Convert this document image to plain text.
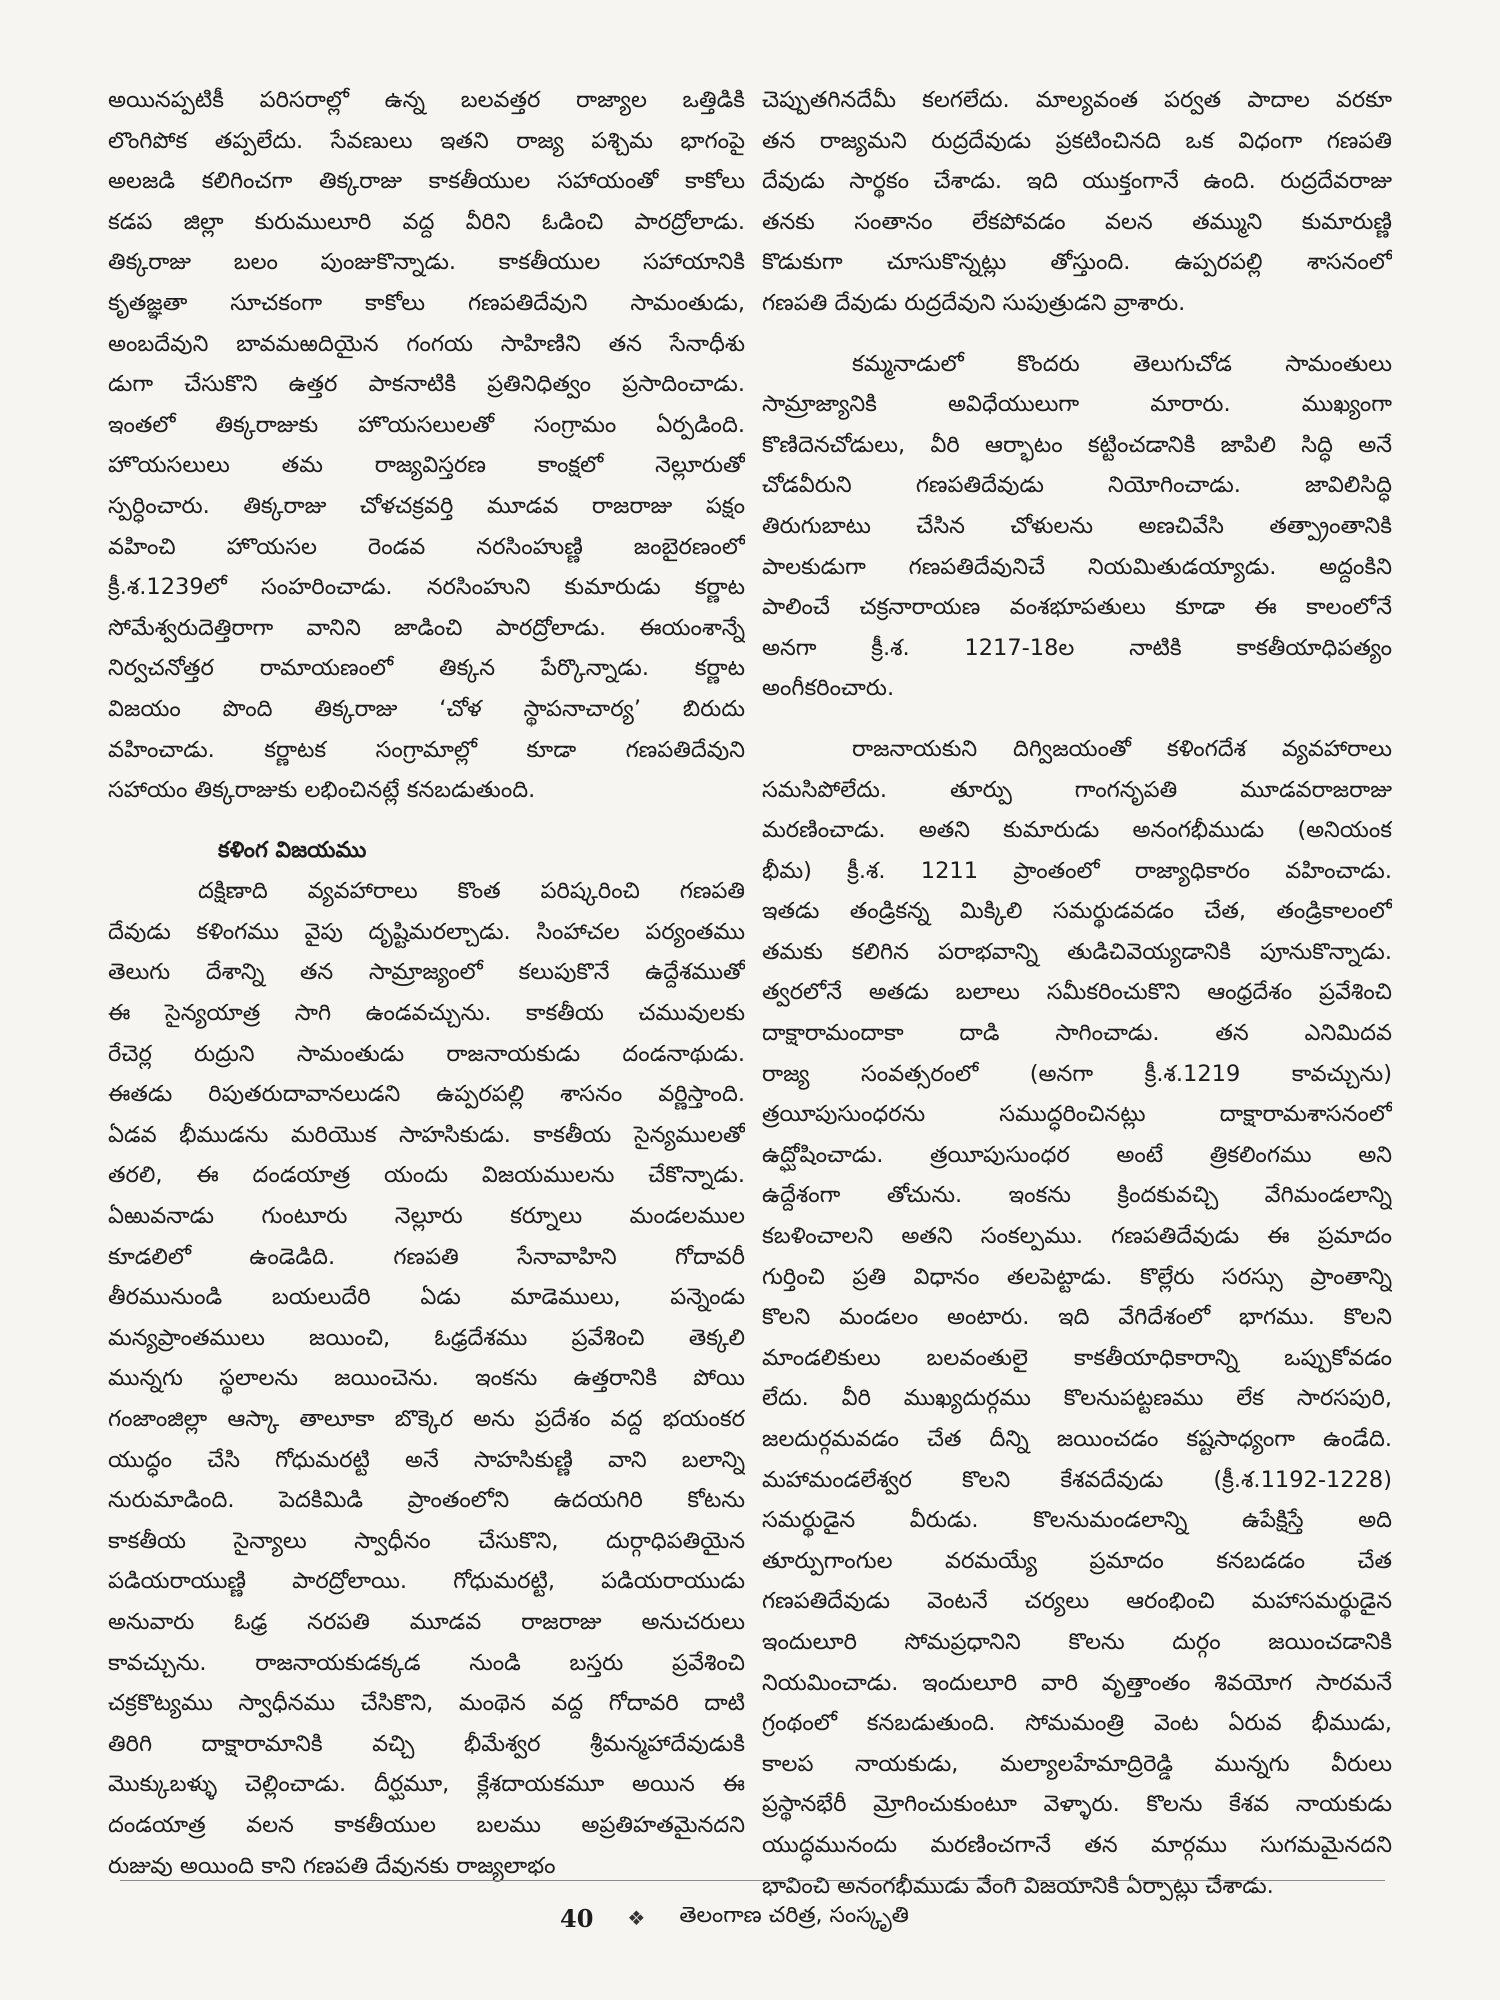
అయినప్పటికీ పరిసరాల్లో ఉన్న బలవత్తర రాజ్యాల ఒత్తిడికి
లొంగిపోక తప్పలేదు. సేవణులు ఇతని రాజ్య పశ్చిమ భాగంపై
అలజడి కలిగించగా తిక్కరాజు కాకతీయుల సహాయంతో కాకోలు
కడప జిల్లా కురుములూరి వద్ద వీరిని ఓడించి పారద్రోలాడు.
తిక్కరాజు బలం పుంజుకొన్నాడు. కాకతీయుల సహాయానికి
కృతజ్ఞతా సూచకంగా కాకోలు గణపతిదేవుని సామంతుడు,
అంబదేవుని బావమఱదియైన గంగయ సాహిణిని తన సేనాధీశు
డుగా చేసుకొని ఉత్తర పాకనాటికి ప్రతినిధిత్వం ప్రసాదించాడు.
ఇంతలో తిక్కరాజుకు హొయసలులతో సంగ్రామం ఏర్పడింది.
హొయసలులు తమ రాజ్యవిస్తరణ కాంక్షలో నెల్లూరుతో
స్పర్ధించారు. తిక్కరాజు చోళచక్రవర్తి మూడవ రాజరాజు పక్షం
వహించి హొయసల రెండవ నరసింహుణ్ణి జంబైరణంలో
క్రీ.శ.1239లో సంహరించాడు. నరసింహుని కుమారుడు కర్ణాట
సోమేశ్వరుదెత్తిరాగా వానిని జాడించి పారద్రోలాడు. ఈయంశాన్నే
నిర్వచనోత్తర రామాయణంలో తిక్కన పేర్కొన్నాడు. కర్ణాట
విజయం పొంది తిక్కరాజు ‘చోళ స్థాపనాచార్య’ బిరుదు
వహించాడు. కర్ణాటక సంగ్రామాల్లో కూడా గణపతిదేవుని
సహాయం తిక్కరాజుకు లభించినట్లే కనబడుతుంది.
కళింగ విజయము
దక్షిణాది వ్యవహారాలు కొంత పరిష్కరించి గణపతి
దేవుడు కళింగము వైపు దృష్టిమరల్చాడు. సింహాచల పర్యంతము
తెలుగు దేశాన్ని తన సామ్రాజ్యంలో కలుపుకొనే ఉద్దేశముతో
ఈ సైన్యయాత్ర సాగి ఉండవచ్చును. కాకతీయ చమువులకు
రేచెర్ల రుద్రుని సామంతుడు రాజనాయకుడు దండనాథుడు.
ఈతడు రిపుతరుదావానలుడని ఉప్పరపల్లి శాసనం వర్ణిస్తాంది.
ఏడవ భీముడను మరియొక సాహసికుడు. కాకతీయ సైన్యములతో
తరలి, ఈ దండయాత్ర యందు విజయములను చేకొన్నాడు.
ఏఱువనాడు గుంటూరు నెల్లూరు కర్నూలు మండలముల
కూడలిలో ఉండెడిది. గణపతి సేనావాహిని గోదావరీ
తీరమునుండి బయలుదేరి ఏడు మాడెములు, పన్నెండు
మన్యప్రాంతములు జయించి, ఓఢ్రదేశము ప్రవేశించి తెక్కలి
మున్నగు స్థలాలను జయించెను. ఇంకను ఉత్తరానికి పోయి
గంజాంజిల్లా ఆస్కా తాలూకా బొక్కెర అను ప్రదేశం వద్ద భయంకర
యుద్ధం చేసి గోధుమరట్టి అనే సాహసికుణ్ణి వాని బలాన్ని
నురుమాడింది. పెదకిమిడి ప్రాంతంలోని ఉదయగిరి కోటను
కాకతీయ సైన్యాలు స్వాధీనం చేసుకొని, దుర్గాధిపతియైన
పడియరాయుణ్ణి పారద్రోలాయి. గోధుమరట్టి, పడియరాయుడు
అనువారు ఓఢ్ర నరపతి మూడవ రాజరాజు అనుచరులు
కావచ్చును. రాజనాయకుడక్కడ నుండి బస్తరు ప్రవేశించి
చక్రకొట్యము స్వాధీనము చేసికొని, మంథెన వద్ద గోదావరి దాటి
తిరిగి దాక్షారామానికి వచ్చి భీమేశ్వర శ్రీమన్మహాదేవుడుకి
మొక్కుబళ్ళు చెల్లించాడు. దీర్ఘమూ, క్లేశదాయకమూ అయిన ఈ
దండయాత్ర వలన కాకతీయుల బలము అప్రతిహతమైనదని
రుజువు అయింది కాని గణపతి దేవునకు రాజ్యలాభం
చెప్పుతగినదేమీ కలగలేదు. మాల్యవంత పర్వత పాదాల వరకూ
తన రాజ్యమని రుద్రదేవుడు ప్రకటించినది ఒక విధంగా గణపతి
దేవుడు సార్థకం చేశాడు. ఇది యుక్తంగానే ఉంది. రుద్రదేవరాజు
తనకు సంతానం లేకపోవడం వలన తమ్ముని కుమారుణ్ణి
కొడుకుగా చూసుకొన్నట్లు తోస్తుంది. ఉప్పరపల్లి శాసనంలో
గణపతి దేవుడు రుద్రదేవుని సుపుత్రుడని వ్రాశారు.
కమ్మనాడులో కొందరు తెలుగుచోడ సామంతులు
సామ్రాజ్యానికి అవిధేయులుగా మారారు. ముఖ్యంగా
కొణిదెనచోడులు, వీరి ఆర్భాటం కట్టించడానికి జాపిలి సిద్ధి అనే
చోడవీరుని గణపతిదేవుడు నియోగించాడు. జావిలిసిద్ధి
తిరుగుబాటు చేసిన చోళులను అణచివేసి తత్ప్రాంతానికి
పాలకుడుగా గణపతిదేవునిచే నియమితుడయ్యాడు. అద్దంకిని
పాలించే చక్రనారాయణ వంశభూపతులు కూడా ఈ కాలంలోనే
అనగా క్రీ.శ. 1217-18ల నాటికి కాకతీయాధిపత్యం
అంగీకరించారు.
రాజనాయకుని దిగ్విజయంతో కళింగదేశ వ్యవహారాలు
సమసిపోలేదు. తూర్పు గాంగనృపతి మూడవరాజరాజు
మరణించాడు. అతని కుమారుడు అనంగభీముడు (అనియంక
భీమ) క్రీ.శ. 1211 ప్రాంతంలో రాజ్యాధికారం వహించాడు.
ఇతడు తండ్రికన్న మిక్కిలి సమర్థుడవడం చేత, తండ్రికాలంలో
తమకు కలిగిన పరాభవాన్ని తుడిచివెయ్యడానికి పూనుకొన్నాడు.
త్వరలోనే అతడు బలాలు సమీకరించుకొని ఆంధ్రదేశం ప్రవేశించి
దాక్షారామందాకా దాడి సాగించాడు. తన ఎనిమిదవ
రాజ్య సంవత్సరంలో (అనగా క్రీ.శ.1219 కావచ్చును)
త్రయీపుసుంధరను సముద్ధరించినట్లు దాక్షారామశాసనంలో
ఉద్ఘోషించాడు. త్రయీపుసుంధర అంటే త్రికలింగము అని
ఉద్దేశంగా తోచును. ఇంకను క్రిందకువచ్చి వేగిమండలాన్ని
కబళించాలని అతని సంకల్పము. గణపతిదేవుడు ఈ ప్రమాదం
గుర్తించి ప్రతి విధానం తలపెట్టాడు. కొల్లేరు సరస్సు ప్రాంతాన్ని
కొలని మండలం అంటారు. ఇది వేగిదేశంలో భాగము. కొలని
మాండలికులు బలవంతులై కాకతీయాధికారాన్ని ఒప్పుకోవడం
లేదు. వీరి ముఖ్యదుర్గము కొలనుపట్టణము లేక సారసపురి,
జలదుర్గమవడం చేత దీన్ని జయించడం కష్టసాధ్యంగా ఉండేది.
మహామండలేశ్వర కొలని కేశవదేవుడు (క్రీ.శ.1192-1228)
సమర్థుడైన వీరుడు. కొలనుమండలాన్ని ఉపేక్షిస్తే అది
తూర్పుగాంగుల వరమయ్యే ప్రమాదం కనబడడం చేత
గణపతిదేవుడు వెంటనే చర్యలు ఆరంభించి మహాసమర్థుడైన
ఇందులూరి సోమప్రధానిని కొలను దుర్గం జయించడానికి
నియమించాడు. ఇందులూరి వారి వృత్తాంతం శివయోగ సారమనే
గ్రంథంలో కనబడుతుంది. సోమమంత్రి వెంట ఏరువ భీముడు,
కాలప నాయకుడు, మల్యాలహేమాద్రిరెడ్డి మున్నగు వీరులు
ప్రస్థానభేరీ మ్రోగించుకుంటూ వెళ్ళారు. కొలను కేశవ నాయకుడు
యుద్ధమునందు మరణించగానే తన మార్గము సుగమమైనదని
భావించి అనంగభీముడు వేంగి విజయానికి ఏర్పాట్లు చేశాడు.
40 ❖ తెలంగాణ చరిత్ర, సంస్కృతి
